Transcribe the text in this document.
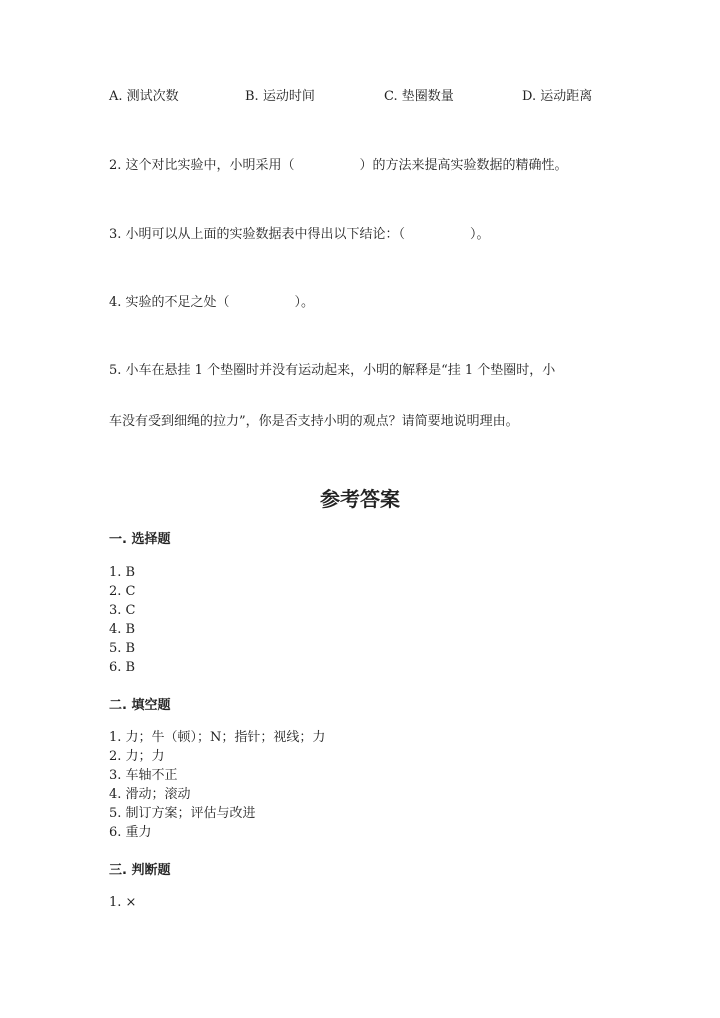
A. 测试次数	B. 运动时间	C. 垫圈数量	D. 运动距离
2. 这个对比实验中，小明采用（　　　　　）的方法来提高实验数据的精确性。
3. 小明可以从上面的实验数据表中得出以下结论：（　　　　　）。
4. 实验的不足之处（　　　　　）。
5. 小车在悬挂 1 个垫圈时并没有运动起来，小明的解释是“挂 1 个垫圈时，小
车没有受到细绳的拉力”，你是否支持小明的观点？请简要地说明理由。
参考答案
一. 选择题
1. B
2. C
3. C
4. B
5. B
6. B
二. 填空题
1. 力；牛（顿）；N；指针；视线；力
2. 力；力
3. 车轴不正
4. 滑动；滚动
5. 制订方案；评估与改进
6. 重力
三. 判断题
1. ×
